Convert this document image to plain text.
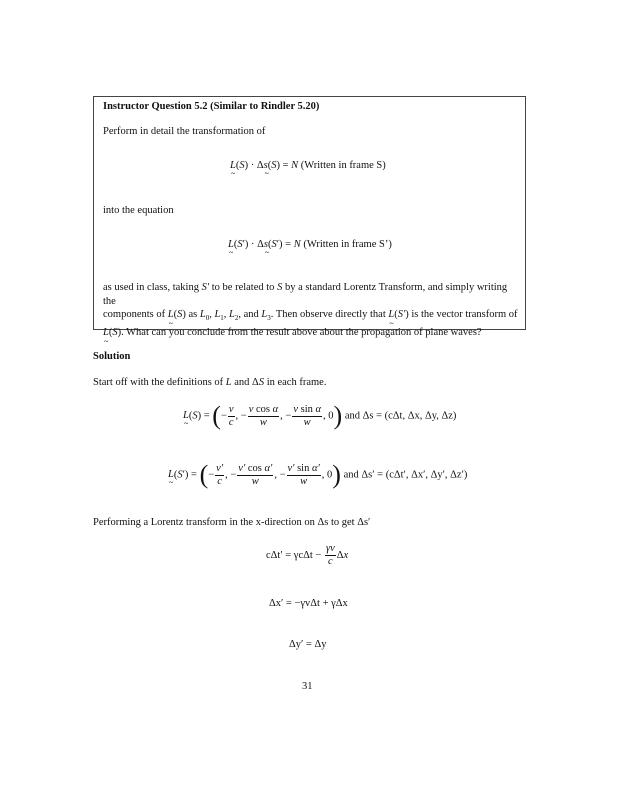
Instructor Question 5.2 (Similar to Rindler 5.20)
Perform in detail the transformation of
L ~(S) · Δs ~(S) = N (Written in frame S)
into the equation
L ~(S′) · Δs ~(S′) = N (Written in frame S’)
as used in class, taking S′ to be related to S by a standard Lorentz Transform, and simply writing the
components of L ~(S) as $L_0$, $L_1$, $L_2$, and $L_3$. Then observe directly that L ~(S′) is the vector transform of
L ~(S). What can you conclude from the result above about the propagation of plane waves?
Solution
Start off with the definitions of L and ΔS in each frame.
L ~(S) = (− $\frac{v}{c}$ , − $\frac{\text{v cos α}}{w}$ , − $\frac{\text{v sin α}}{w}$ , 0) and Δs = (cΔt, Δx, Δy, Δz)
L ~(S′) = (− $\frac{v'}{c}$ , − $\frac{\text{v′ cos α′}}{w}$ , − $\frac{\text{v′ sin α′}}{w}$ , 0) and Δs′ = (cΔt′, Δx′, Δy′, Δz′)
Performing a Lorentz transform in the x-direction on Δs to get Δs′
$c\Delta t' = \gamma c\Delta t - \frac{\gamma v}{c}$ Δx
Δx′ = −γvΔt + γΔx
Δy′ = Δy
31
